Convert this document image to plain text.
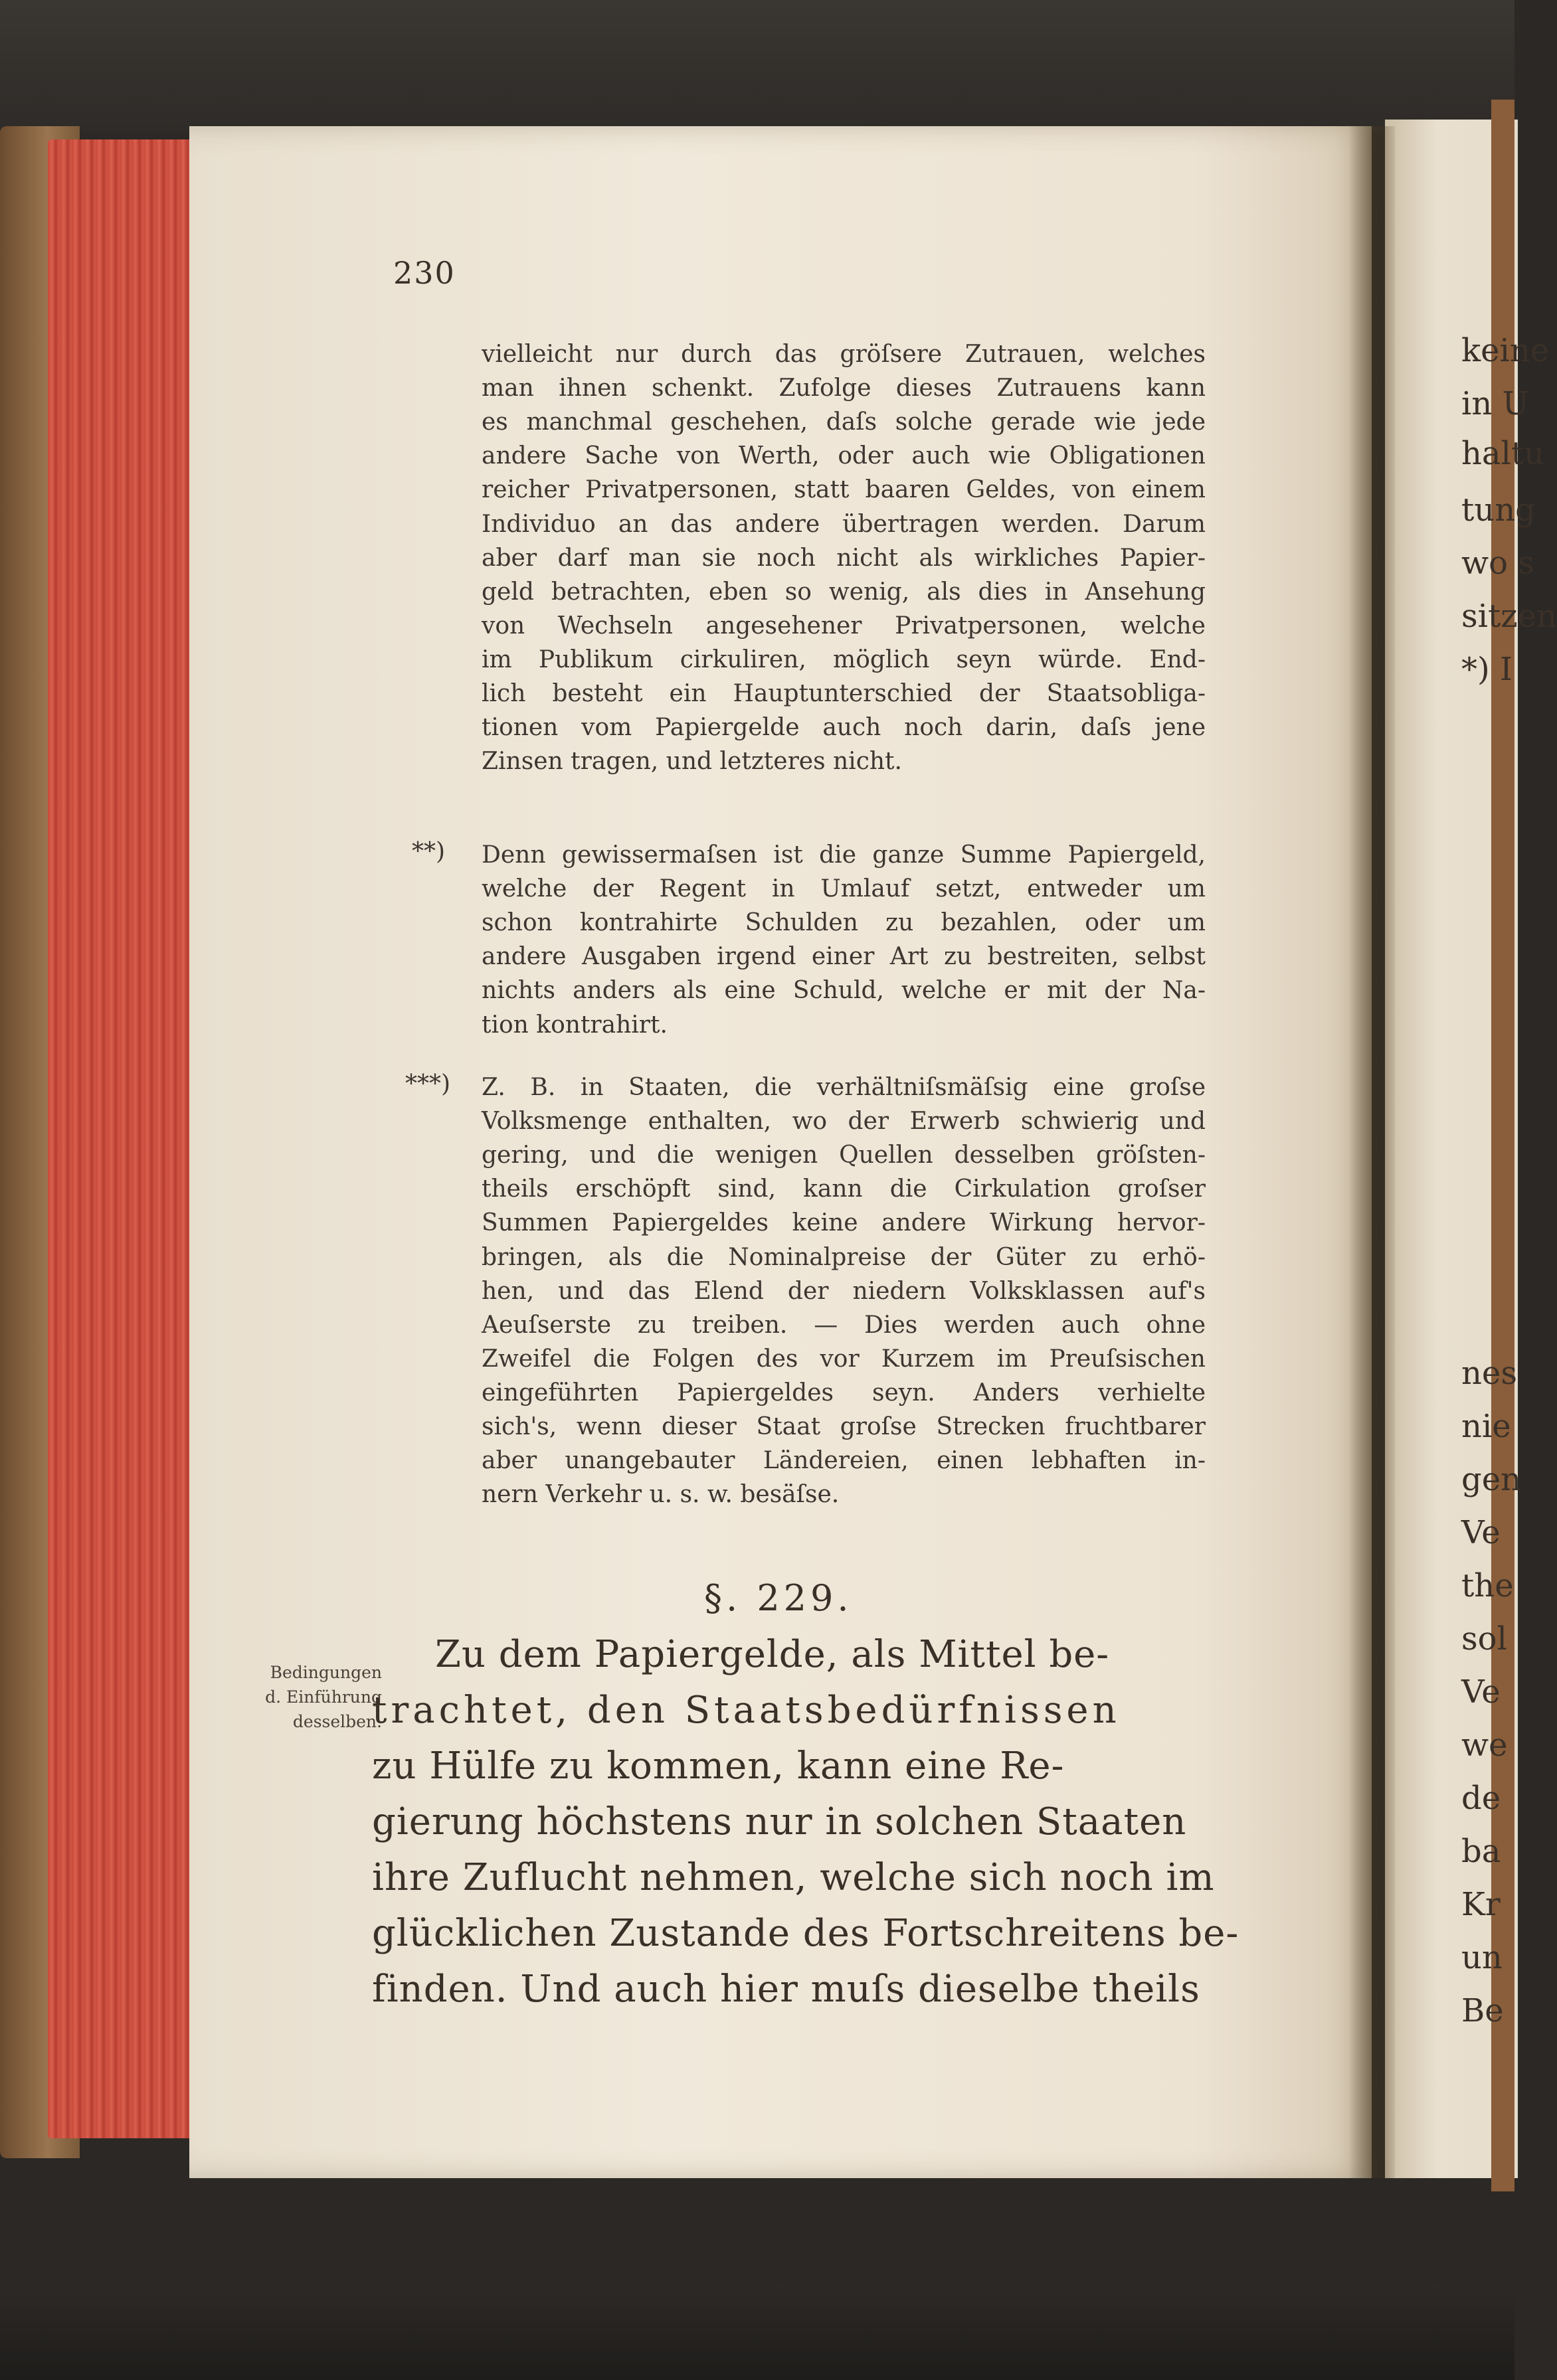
230
vielleicht nur durch das gröſsere Zutrauen, welches
man ihnen schenkt. Zufolge dieses Zutrauens kann
es manchmal geschehen, daſs solche gerade wie jede
andere Sache von Werth, oder auch wie Obligationen
reicher Privatpersonen, statt baaren Geldes, von einem
Individuo an das andere übertragen werden. Darum
aber darf man sie noch nicht als wirkliches Papier-
geld betrachten, eben so wenig, als dies in Ansehung
von Wechseln angesehener Privatpersonen, welche
im Publikum cirkuliren, möglich seyn würde. End-
lich besteht ein Hauptunterschied der Staatsobliga-
tionen vom Papiergelde auch noch darin, daſs jene
Zinsen tragen, und letzteres nicht.
**) Denn gewissermaſsen ist die ganze Summe Papiergeld,
welche der Regent in Umlauf setzt, entweder um
schon kontrahirte Schulden zu bezahlen, oder um
andere Ausgaben irgend einer Art zu bestreiten, selbst
nichts anders als eine Schuld, welche er mit der Na-
tion kontrahirt.
***) Z. B. in Staaten, die verhältniſsmäſsig eine groſse
Volksmenge enthalten, wo der Erwerb schwierig und
gering, und die wenigen Quellen desselben gröſsten-
theils erschöpft sind, kann die Cirkulation groſser
Summen Papiergeldes keine andere Wirkung hervor-
bringen, als die Nominalpreise der Güter zu erhö-
hen, und das Elend der niedern Volksklassen auf's
Aeuſserste zu treiben. — Dies werden auch ohne
Zweifel die Folgen des vor Kurzem im Preuſsischen
eingeführten Papiergeldes seyn. Anders verhielte
sich's, wenn dieser Staat groſse Strecken fruchtbarer
aber unangebauter Ländereien, einen lebhaften in-
nern Verkehr u. s. w. besäſse.
§. 229.
Bedingungen
d. Einführung
desselben.
Zu dem Papiergelde, als Mittel be-
trachtet, den Staatsbedürfnissen
zu Hülfe zu kommen, kann eine Re-
gierung höchstens nur in solchen Staaten
ihre Zuflucht nehmen, welche sich noch im
glücklichen Zustande des Fortschreitens be-
finden. Und auch hier muſs dieselbe theils
keine
in U
haltu
tung
wo s
sitzen
*) I
nes
nie
gen
Ve
the
sol
Ve
we
de
ba
Kr
un
Be
